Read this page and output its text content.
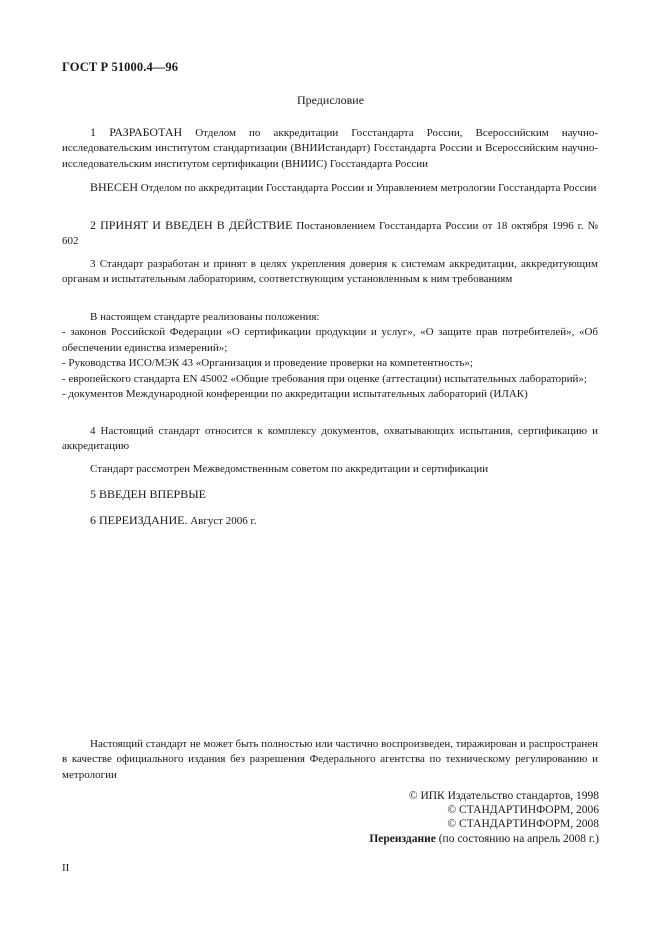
ГОСТ Р 51000.4—96
Предисловие

1 РАЗРАБОТАН Отделом по аккредитации Госстандарта России, Всероссийским научно-исследовательским институтом стандартизации (ВНИИстандарт) Госстандарта России и Всероссийским научно-исследовательским институтом сертификации (ВНИИС) Госстандарта России

ВНЕСЕН Отделом по аккредитации Госстандарта России и Управлением метрологии Госстандарта России

2 ПРИНЯТ И ВВЕДЕН В ДЕЙСТВИЕ Постановлением Госстандарта России от 18 октября 1996 г. № 602

3 Стандарт разработан и принят в целях укрепления доверия к системам аккредитации, аккредитующим органам и испытательным лабораториям, соответствующим установленным к ним требованиям

В настоящем стандарте реализованы положения:

- законов Российской Федерации «О сертификации продукции и услуг», «О защите прав потребителей», «Об обеспечении единства измерений»;
- Руководства ИСО/МЭК 43 «Организация и проведение проверки на компетентность»;
- европейского стандарта EN 45002 «Общие требования при оценке (аттестации) испытательных лабораторий»;
- документов Международной конференции по аккредитации испытательных лабораторий (ИЛАК)

4 Настоящий стандарт относится к комплексу документов, охватывающих испытания, сертификацию и аккредитацию

Стандарт рассмотрен Межведомственным советом по аккредитации и сертификации

5 ВВЕДЕН ВПЕРВЫЕ

6 ПЕРЕИЗДАНИЕ. Август 2006 г.

Настоящий стандарт не может быть полностью или частично воспроизведен, тиражирован и распространен в качестве официального издания без разрешения Федерального агентства по техническому регулированию и метрологии

© ИПК Издательство стандартов, 1998
© СТАНДАРТИНФОРМ, 2006
© СТАНДАРТИНФОРМ, 2008
Переиздание (по состоянию на апрель 2008 г.)
II
